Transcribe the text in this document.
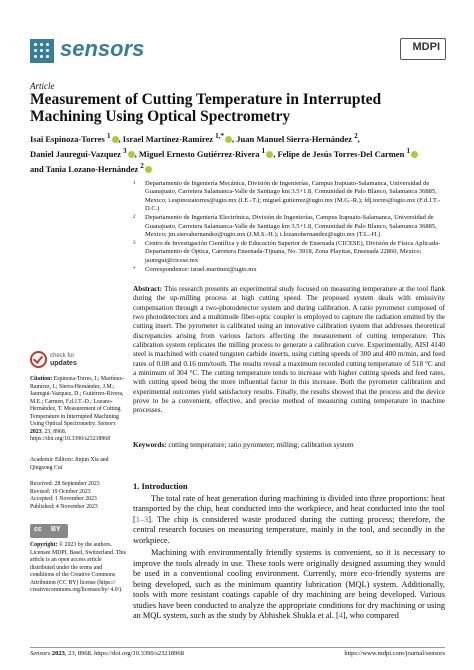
sensors	MDPI
Article
Measurement of Cutting Temperature in Interrupted Machining Using Optical Spectrometry
Isai Espinoza-Torres $^1$ , Israel Martínez-Ramírez $^{1,*}$ , Juan Manuel Sierra-Hernández $^2$,
Daniel Jauregui-Vazquez $^3$ , Miguel Ernesto Gutiérrez-Rivera $^1$ , Felipe de Jesús Torres-Del Carmen $^1$
and Tania Lozano-Hernández $^2$
1	Departamento de Ingeniería Mecánica, División de Ingenierías, Campus Irapuato-Salamanca, Universidad de Guanajuato, Carretera Salamanca-Valle de Santiago km 3.5+1.8, Comunidad de Palo Blanco, Salamanca 36885, Mexico; i.espinozatorres@ugto.mx (I.E.-T.); miguel.gutierrez@ugto.mx (M.G.-R.); fdj.torres@ugto.mx (F.d.J.T.-D.C.)
2	Departamento de Ingeniería Electrónica, División de Ingenierías, Campus Irapuato-Salamanca, Universidad de Guanajuato, Carretera Salamanca-Valle de Santiago km 3.5+1.8, Comunidad de Palo Blanco, Salamanca 36885, Mexico; jm.sierrahernandez@ugto.mx (J.M.S.-H.); t.lozanohernandez@ugto.mx (T.L.-H.)
3	Centro de Investigación Científica y de Educación Superior de Ensenada (CICESE), División de Física Aplicada-Departamento de Óptica, Carretera Ensenada-Tijuana, No. 3918, Zona Playitas, Ensenada 22860, Mexico; jauregui@cicese.mx
*	Correspondence: israel.martinez@ugto.mx
Abstract: This research presents an experimental study focused on measuring temperature at the tool flank during the up-milling process at high cutting speed. The proposed system deals with emissivity compensation through a two-photodetector system and during calibration. A ratio pyrometer composed of two photodetectors and a multimode fiber-optic coupler is employed to capture the radiation emitted by the cutting insert. The pyrometer is calibrated using an innovative calibration system that addresses theoretical discrepancies arising from various factors affecting the measurement of cutting temperature. This calibration system replicates the milling process to generate a calibration curve. Experimentally, AISI 4140 steel is machined with coated tungsten carbide inserts, using cutting speeds of 300 and 400 m/min, and feed rates of 0.08 and 0.16 mm/tooth. The results reveal a maximum recorded cutting temperature of 518 °C and a minimum of 304 °C. The cutting temperature tends to increase with higher cutting speeds and feed rates, with cutting speed being the more influential factor in this increase. Both the pyrometer calibration and experimental outcomes yield satisfactory results. Finally, the results showed that the process and the device prove to be a convenient, effective, and precise method of measuring cutting temperature in machine processes.
Keywords: cutting temperature; ratio pyrometer; milling; calibration system
check for
updates
Citation: Espinoza-Torres, I.; Martínez-Ramírez, I.; Sierra-Hernández, J.M.; Jauregui-Vazquez, D.; Gutiérrez-Rivera, M.E.; Carmen, F.d.J.T.-D.; Lozano-Hernández, T. Measurement of Cutting Temperature in Interrupted Machining Using Optical Spectrometry. Sensors 2023, 23, 8968. https://doi.org/10.3390/s23218968
Academic Editors: Jinjun Xia and Qingsong Cui
Received: 28 September 2023
Revised: 19 October 2023
Accepted: 1 November 2023
Published: 4 November 2023
cc BY
Copyright: © 2023 by the authors. Licensee MDPI, Basel, Switzerland. This article is an open access article distributed under the terms and conditions of the Creative Commons Attribution (CC BY) license (https:// creativecommons.org/licenses/by/ 4.0/).
1. Introduction

The total rate of heat generation during machining is divided into three proportions: heat transported by the chip, heat conducted into the workpiece, and heat conducted into the tool [1–3]. The chip is considered waste produced during the cutting process; therefore, the central research focuses on measuring temperature, mainly in the tool, and secondly in the workpiece.

Machining with environmentally friendly systems is convenient, so it is necessary to improve the tools already in use. These tools were originally designed assuming they would be used in a conventional cooling environment. Currently, more eco-friendly systems are being developed, such as the minimum quantity lubrication (MQL) system. Additionally, tools with more resistant coatings capable of dry machining are being developed. Various studies have been conducted to analyze the appropriate conditions for dry machining or using an MQL system, such as the study by Abhishek Shukla et al. [4], who compared

Sensors 2023, 23, 8968. https://doi.org/10.3390/s23218968	https://www.mdpi.com/journal/sensors
